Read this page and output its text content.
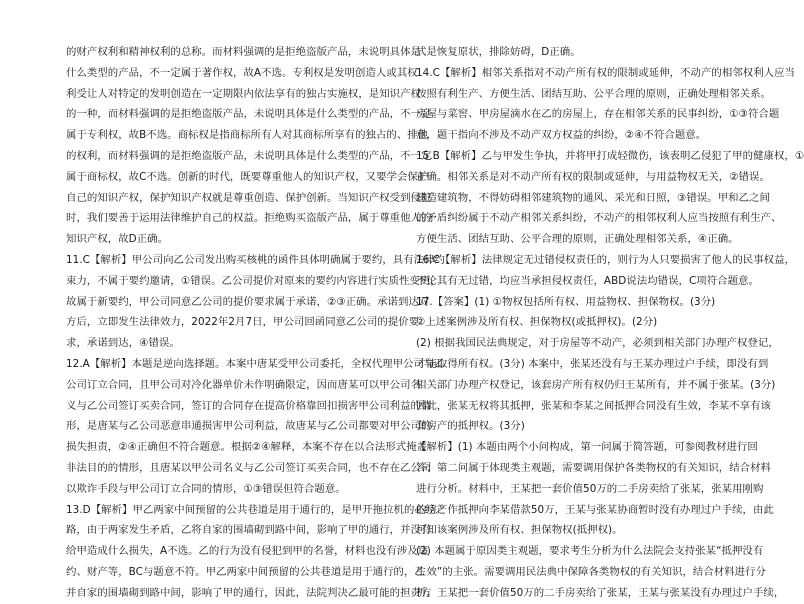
的财产权利和精神权利的总称。而材料强调的是拒绝盗版产品，未说明具体是
什么类型的产品，不一定属于著作权，故A不选。专利权是发明创造人或其权
利受让人对特定的发明创造在一定期限内依法享有的独占实施权，是知识产权
的一种，而材料强调的是拒绝盗版产品，未说明具体是什么类型的产品，不一定
属于专利权，故B不选。商标权是指商标所有人对其商标所享有的独占的、排他
的权利，而材料强调的是拒绝盗版产品，未说明具体是什么类型的产品，不一定
属于商标权，故C不选。创新的时代，既要尊重他人的知识产权，又要学会保护
自己的知识产权，保护知识产权就是尊重创造、保护创新。当知识产权受到侵犯
时，我们要善于运用法律维护自己的权益。拒绝购买盗版产品，属于尊重他人的
知识产权，故D正确。
11.C【解析】甲公司向乙公司发出购买核桃的函件具体明确属于要约，具有法律约
束力，不属于要约邀请，①错误。乙公司提价对原来的要约内容进行实质性变更，
故属于新要约，甲公司同意乙公司的提价要求属于承诺，②③正确。承诺到达对
方后，立即发生法律效力，2022年2月7日，甲公司回函同意乙公司的提价要
求，承诺到达，④错误。
12.A【解析】本题是逆向选择题。本案中唐某受甲公司委托，全权代理甲公司与乙
公司订立合同，且甲公司对冷化器单价未作明确限定，因而唐某可以甲公司名
义与乙公司签订买卖合同，签订的合同存在提高价格靠回扣损害甲公司利益的情
形，是唐某与乙公司恶意串通损害甲公司利益，故唐某与乙公司都要对甲公司的
损失担责，②④正确但不符合题意。根据②④解释，本案不存在以合法形式掩盖
非法目的的情形，且唐某以甲公司名义与乙公司签订买卖合同，也不存在乙公司
以欺诈手段与甲公司订立合同的情形，①③错误但符合题意。
13.D【解析】甲乙两家中间预留的公共巷道是用于通行的，是甲开拖拉机的必经之
路，由于两家发生矛盾，乙将自家的围墙砌到路中间，影响了甲的通行，并没有
给甲造成什么损失，A不选。乙的行为没有侵犯到甲的名誉，材料也没有涉及违
约、财产等，BC与题意不符。甲乙两家中间预留的公共巷道是用于通行的，乙
并自家的围墙砌到路中间，影响了甲的通行，因此，法院判决乙最可能的担责方
式是恢复原状，排除妨碍，D正确。
14.C【解析】相邻关系指对不动产所有权的限制或延伸，不动产的相邻权利人应当
按照有利生产、方便生活、团结互助、公平合理的原则，正确处理相邻关系。
房屋与菜窖、甲房屋滴水在乙的房屋上，存在相邻关系的民事纠纷，①③符合题
意，题干指向不涉及不动产双方权益的纠纷，②④不符合题意。
15.B【解析】乙与甲发生争执，并将甲打成轻微伤，该表明乙侵犯了甲的健康权，①
正确。相邻关系是对不动产所有权的限制或延伸，与用益物权无关，②错误。
建造建筑物，不得妨碍相邻建筑物的通风、采光和日照，③错误。甲和乙之间
的矛盾纠纷属于不动产相邻关系纠纷，不动产的相邻权利人应当按照有利生产、
方便生活、团结互助、公平合理的原则，正确处理相邻关系，④正确。
16.C【解析】法律规定无过错侵权责任的，则行为人只要损害了他人的民事权益，
不论其有无过错，均应当承担侵权责任，ABD说法均错误，C项符合题意。
17.【答案】(1) ①物权包括所有权、用益物权、担保物权。(3分)
②上述案例涉及所有权、担保物权(或抵押权)。(2分)
(2) 根据我国民法典规定，对于房屋等不动产，必须到相关部门办理产权登记，
才能取得所有权。(3分) 本案中，张某还没有与王某办理过户手续，即没有到
相关部门办理产权登记，该套房产所有权仍归王某所有，并不属于张某。(3分)
因此，张某无权将其抵押，张某和李某之间抵押合同没有生效，李某不享有该
套房产的抵押权。(3分)
【解析】(1) 本题由两个小问构成，第一问属于简答题，可参阅教材进行回
答；第二问属于体现类主观题，需要调用保护各类物权的有关知识，结合材料
进行分析。材料中，王某把一套价值50万的二手房卖给了张某，张某用刚购
的房产作抵押向李某借款50万，王某与张某协商暂时没有办理过户手续，由此
可知该案例涉及所有权、担保物权(抵押权)。
(2) 本题属于原因类主观题，要求考生分析为什么法院会支持张某“抵押没有
生效”的主张。需要调用民法典中保障各类物权的有关知识，结合材料进行分
析。王某把一套价值50万的二手房卖给了张某，王某与张某没有办理过户手续，
